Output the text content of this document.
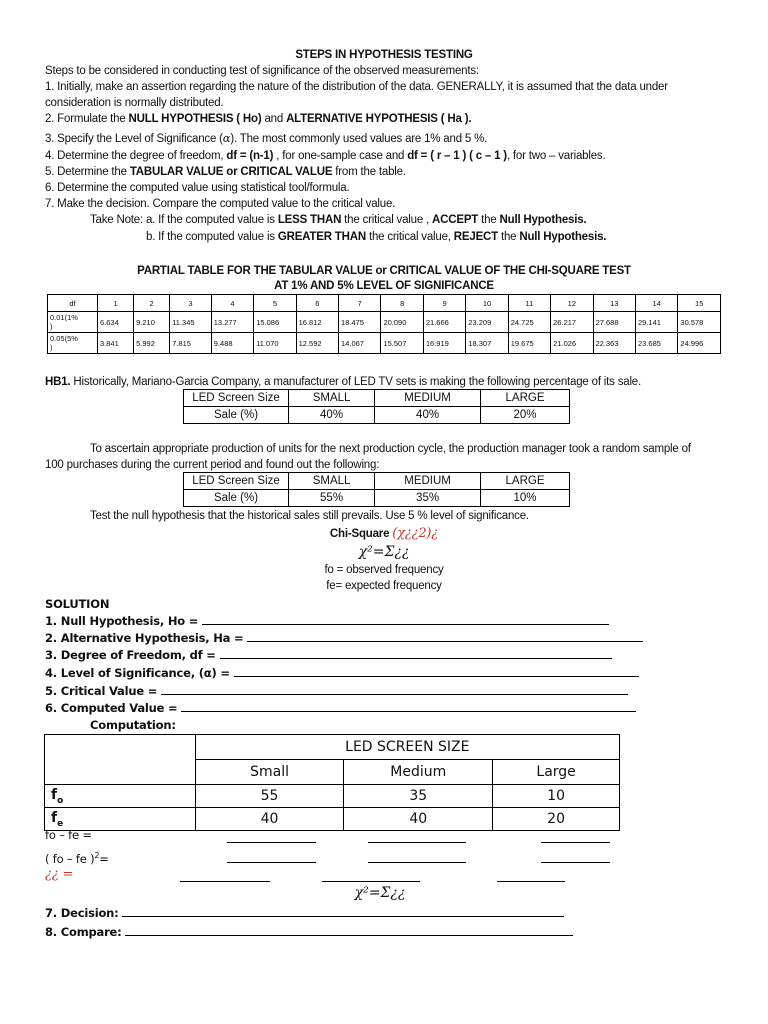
STEPS IN HYPOTHESIS TESTING
Steps to be considered in conducting test of significance of the observed measurements:
1. Initially, make an assertion regarding the nature of the distribution of the data. GENERALLY, it is assumed that the data under
consideration is normally distributed.
2. Formulate the NULL HYPOTHESIS ( Ho) and ALTERNATIVE HYPOTHESIS ( Ha ).
3. Specify the Level of Significance (α). The most commonly used values are 1% and 5 %.
4. Determine the degree of freedom, df = (n-1) , for one-sample case and df = ( r – 1 ) ( c – 1 ), for two – variables.
5. Determine the TABULAR VALUE or CRITICAL VALUE from the table.
6. Determine the computed value using statistical tool/formula.
7. Make the decision. Compare the computed value to the critical value.
Take Note: a. If the computed value is LESS THAN the critical value , ACCEPT the Null Hypothesis.
b. If the computed value is GREATER THAN the critical value, REJECT the Null Hypothesis.
PARTIAL TABLE FOR THE TABULAR VALUE or CRITICAL VALUE OF THE CHI-SQUARE TEST
AT 1% AND 5% LEVEL OF SIGNIFICANCE
df	1	2	3	4	5	6	7	8	9	10	11	12	13	14	15

0.01(1%
)	6.634	9.210	11.345	13.277	15.086	16.812	18.475	20.090	21.666	23.209	24.725	26.217	27.688	29.141	30.578

0.05(5%
)	3.841	5.992	7.815	9.488	11.070	12.592	14.067	15.507	16.919	18.307	19.675	21.026	22.363	23.685	24.996
HB1. Historically, Mariano-Garcia Company, a manufacturer of LED TV sets is making the following percentage of its sale.
LED Screen Size	SMALL	MEDIUM	LARGE
Sale (%)	40%	40%	20%
To ascertain appropriate production of units for the next production cycle, the production manager took a random sample of
100 purchases during the current period and found out the following:
LED Screen Size	SMALL	MEDIUM	LARGE
Sale (%)	55%	35%	10%
Test the null hypothesis that the historical sales still prevails. Use 5 % level of significance.
Chi-Square (χ¿¿2)¿
χ²=Σ¿¿
fo = observed frequency
fe= expected frequency
SOLUTION
1. Null Hypothesis, Ho =
2. Alternative Hypothesis, Ha =
3. Degree of Freedom, df =
4. Level of Significance, (α) =
5. Critical Value =
6. Computed Value =
Computation:
	LED SCREEN SIZE		
	Small	Medium	Large
$f_o$	55	35	10
$f_e$	40	40	20
fo – fe =
( fo – fe )$^2$=
¿¿ =
χ²=Σ¿¿
7. Decision:
8. Compare:
